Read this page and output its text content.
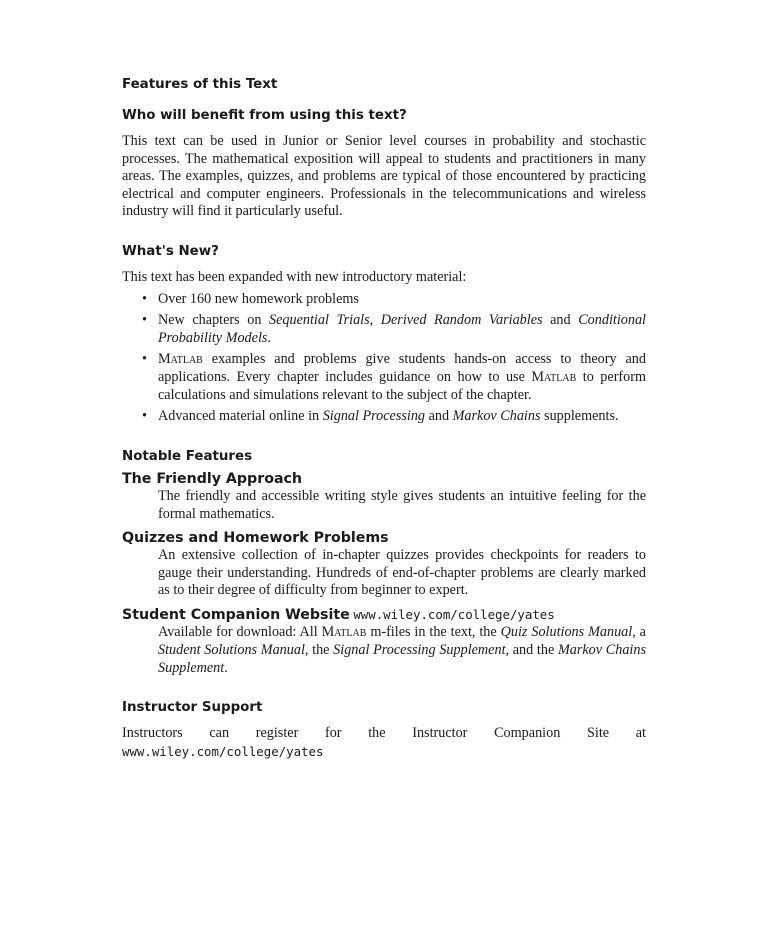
Features of this Text
Who will benefit from using this text?

This text can be used in Junior or Senior level courses in probability and stochastic processes. The mathematical exposition will appeal to students and practitioners in many areas. The examples, quizzes, and problems are typical of those encountered by practicing electrical and computer engineers. Professionals in the telecommunications and wireless industry will find it particularly useful.

What's New?

This text has been expanded with new introductory material:

• Over 160 new homework problems
• New chapters on Sequential Trials, Derived Random Variables and Conditional Probability Models.
• Matlab examples and problems give students hands-on access to theory and applications. Every chapter includes guidance on how to use Matlab to perform calculations and simulations relevant to the subject of the chapter.
• Advanced material online in Signal Processing and Markov Chains supplements.
Notable Features
The Friendly Approach
The friendly and accessible writing style gives students an intuitive feeling for the formal mathematics.
Quizzes and Homework Problems
An extensive collection of in-chapter quizzes provides checkpoints for readers to gauge their understanding. Hundreds of end-of-chapter problems are clearly marked as to their degree of difficulty from beginner to expert.
Student Companion Website www.wiley.com/college/yates
Available for download: All Matlab m-files in the text, the Quiz Solutions Manual, a Student Solutions Manual, the Signal Processing Supplement, and the Markov Chains Supplement.
Instructor Support

Instructors can register for the Instructor Companion Site at www.wiley.com/college/yates
